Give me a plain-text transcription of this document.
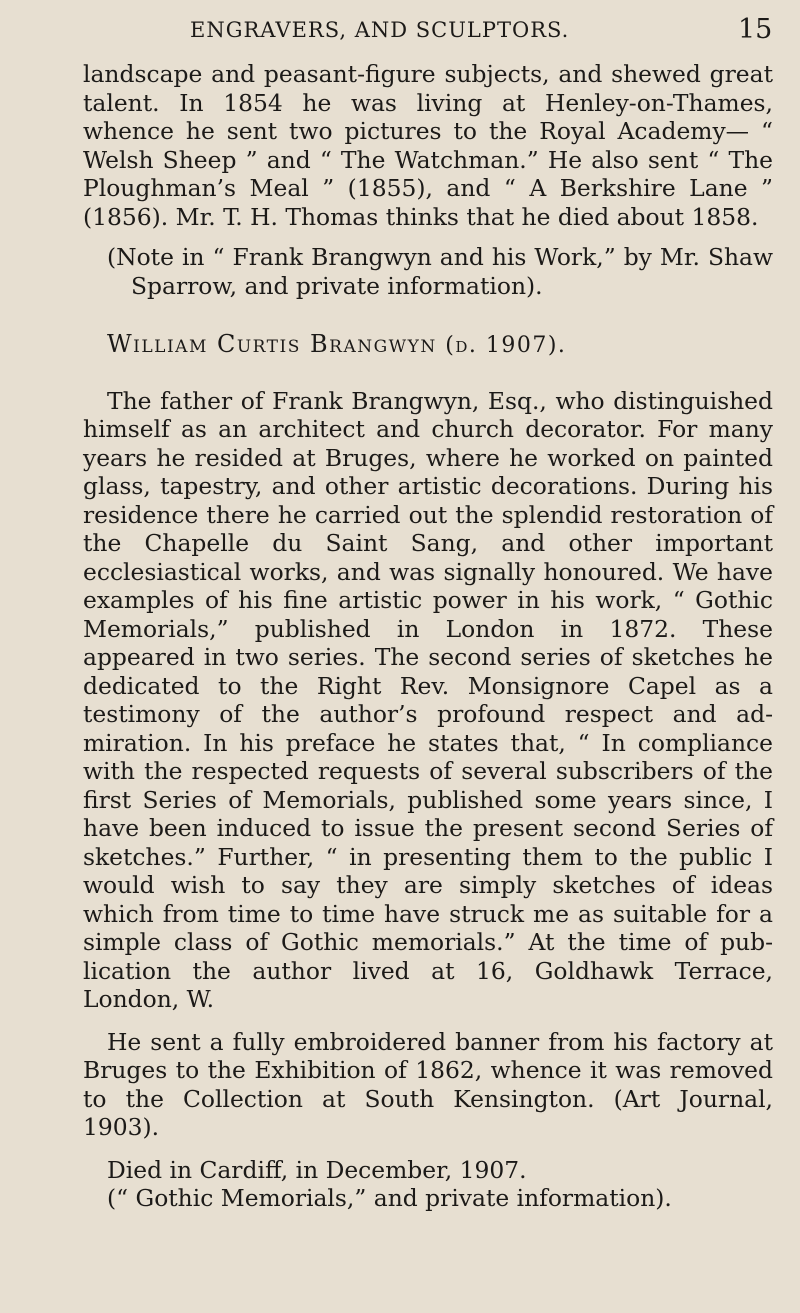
ENGRAVERS, AND SCULPTORS.	15

landscape and peasant-figure subjects, and shewed great talent. In 1854 he was living at Henley-on-Thames, whence he sent two pictures to the Royal Academy— “ Welsh Sheep ” and “ The Watchman.” He also sent “ The Ploughman’s Meal ” (1855), and “ A Berkshire Lane ” (1856). Mr. T. H. Thomas thinks that he died about 1858.

(Note in “ Frank Brangwyn and his Work,” by Mr. Shaw Sparrow, and private information).

William Curtis Brangwyn (d. 1907).

The father of Frank Brangwyn, Esq., who distinguished himself as an architect and church decorator. For many years he resided at Bruges, where he worked on painted glass, tapestry, and other artistic decorations. During his residence there he carried out the splendid restoration of the Chapelle du Saint Sang, and other important ecclesiastical works, and was signally honoured. We have examples of his fine artistic power in his work, “ Gothic Memorials,” published in London in 1872. These appeared in two series. The second series of sketches he dedicated to the Right Rev. Monsignore Capel as a testimony of the author’s profound respect and admiration. In his preface he states that, “ In compliance with the respected requests of several subscribers of the first Series of Memorials, published some years since, I have been induced to issue the present second Series of sketches.” Further, “ in presenting them to the public I would wish to say they are simply sketches of ideas which from time to time have struck me as suitable for a simple class of Gothic memorials.” At the time of publication the author lived at 16, Goldhawk Terrace, London, W.

He sent a fully embroidered banner from his factory at Bruges to the Exhibition of 1862, whence it was removed to the Collection at South Kensington. (Art Journal, 1903).

Died in Cardiff, in December, 1907.

(“ Gothic Memorials,” and private information).
